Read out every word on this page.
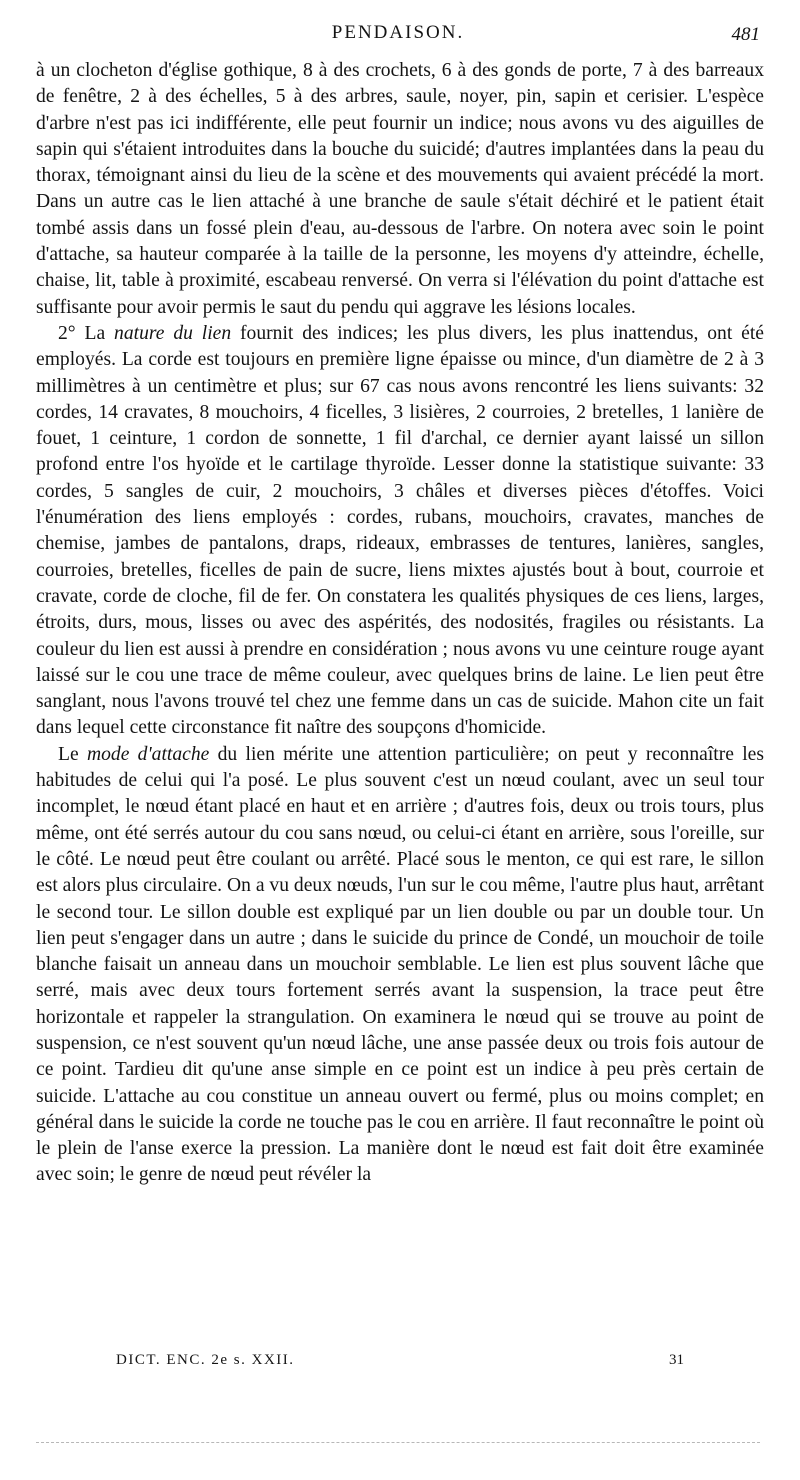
PENDAISON.	481

à un clocheton d'église gothique, 8 à des crochets, 6 à des gonds de porte, 7 à des barreaux de fenêtre, 2 à des échelles, 5 à des arbres, saule, noyer, pin, sapin et cerisier. L'espèce d'arbre n'est pas ici indifférente, elle peut fournir un indice; nous avons vu des aiguilles de sapin qui s'étaient introduites dans la bouche du suicidé; d'autres implantées dans la peau du thorax, témoignant ainsi du lieu de la scène et des mouvements qui avaient précédé la mort. Dans un autre cas le lien attaché à une branche de saule s'était déchiré et le patient était tombé assis dans un fossé plein d'eau, au-dessous de l'arbre. On notera avec soin le point d'attache, sa hauteur comparée à la taille de la personne, les moyens d'y atteindre, échelle, chaise, lit, table à proximité, escabeau renversé. On verra si l'élévation du point d'attache est suffisante pour avoir permis le saut du pendu qui aggrave les lésions locales.

2° La nature du lien fournit des indices; les plus divers, les plus inattendus, ont été employés. La corde est toujours en première ligne épaisse ou mince, d'un diamètre de 2 à 3 millimètres à un centimètre et plus; sur 67 cas nous avons rencontré les liens suivants: 32 cordes, 14 cravates, 8 mouchoirs, 4 ficelles, 3 lisières, 2 courroies, 2 bretelles, 1 lanière de fouet, 1 ceinture, 1 cordon de sonnette, 1 fil d'archal, ce dernier ayant laissé un sillon profond entre l'os hyoïde et le cartilage thyroïde. Lesser donne la statistique suivante: 33 cordes, 5 sangles de cuir, 2 mouchoirs, 3 châles et diverses pièces d'étoffes. Voici l'énumération des liens employés : cordes, rubans, mouchoirs, cravates, manches de chemise, jambes de pantalons, draps, rideaux, embrasses de tentures, lanières, sangles, courroies, bretelles, ficelles de pain de sucre, liens mixtes ajustés bout à bout, courroie et cravate, corde de cloche, fil de fer. On constatera les qualités physiques de ces liens, larges, étroits, durs, mous, lisses ou avec des aspérités, des nodosités, fragiles ou résistants. La couleur du lien est aussi à prendre en considération ; nous avons vu une ceinture rouge ayant laissé sur le cou une trace de même couleur, avec quelques brins de laine. Le lien peut être sanglant, nous l'avons trouvé tel chez une femme dans un cas de suicide. Mahon cite un fait dans lequel cette circonstance fit naître des soupçons d'homicide.

Le mode d'attache du lien mérite une attention particulière; on peut y reconnaître les habitudes de celui qui l'a posé. Le plus souvent c'est un nœud coulant, avec un seul tour incomplet, le nœud étant placé en haut et en arrière ; d'autres fois, deux ou trois tours, plus même, ont été serrés autour du cou sans nœud, ou celui-ci étant en arrière, sous l'oreille, sur le côté. Le nœud peut être coulant ou arrêté. Placé sous le menton, ce qui est rare, le sillon est alors plus circulaire. On a vu deux nœuds, l'un sur le cou même, l'autre plus haut, arrêtant le second tour. Le sillon double est expliqué par un lien double ou par un double tour. Un lien peut s'engager dans un autre ; dans le suicide du prince de Condé, un mouchoir de toile blanche faisait un anneau dans un mouchoir semblable. Le lien est plus souvent lâche que serré, mais avec deux tours fortement serrés avant la suspension, la trace peut être horizontale et rappeler la strangulation. On examinera le nœud qui se trouve au point de suspension, ce n'est souvent qu'un nœud lâche, une anse passée deux ou trois fois autour de ce point. Tardieu dit qu'une anse simple en ce point est un indice à peu près certain de suicide. L'attache au cou constitue un anneau ouvert ou fermé, plus ou moins complet; en général dans le suicide la corde ne touche pas le cou en arrière. Il faut reconnaître le point où le plein de l'anse exerce la pression. La manière dont le nœud est fait doit être examinée avec soin; le genre de nœud peut révéler la

DICT. ENC. 2e s. XXII.	31
